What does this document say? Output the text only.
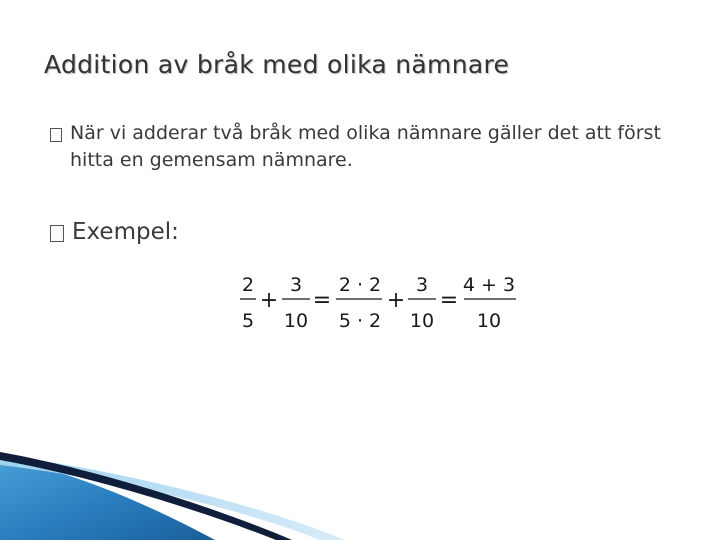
Addition av bråk med olika nämnare
När vi adderar två bråk med olika nämnare gäller det att först hitta en gemensam nämnare.
Exempel:
2
5
+
3
10
=
2 · 2
5 · 2
+
3
10
=
4 + 3
10
